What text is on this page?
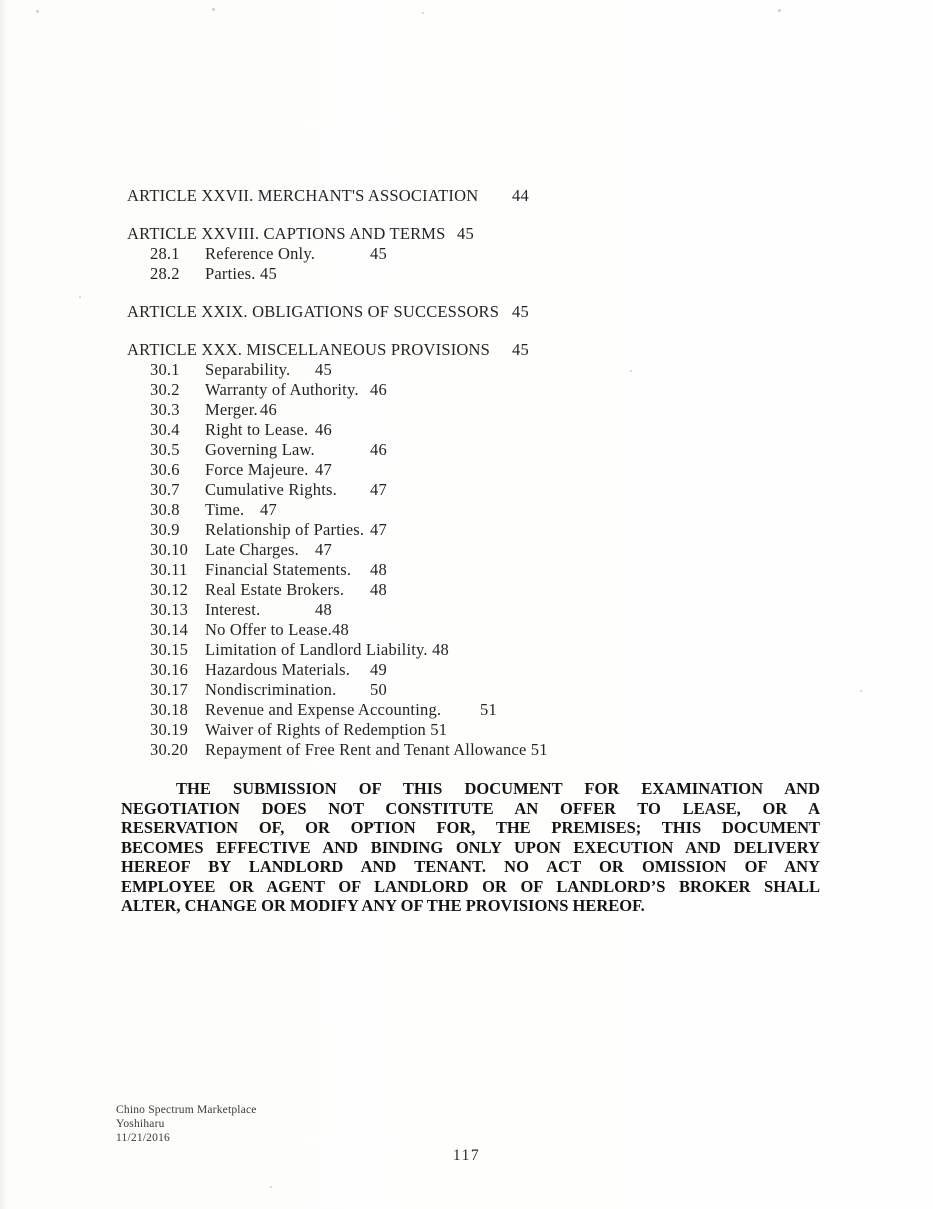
ARTICLE XXVII. MERCHANT'S ASSOCIATION	44
ARTICLE XXVIII. CAPTIONS AND TERMS	45
28.1	Reference Only.		45
28.2	Parties.	45
ARTICLE XXIX. OBLIGATIONS OF SUCCESSORS	45
ARTICLE XXX. MISCELLANEOUS PROVISIONS	45
30.1	Separability.	45
30.2	Warranty of Authority.	46
30.3	Merger.	46
30.4	Right to Lease.	46
30.5	Governing Law.		46
30.6	Force Majeure.	47
30.7	Cumulative Rights.	47
30.8	Time.	47
30.9	Relationship of Parties.	47
30.10	Late Charges.	47
30.11	Financial Statements.	48
30.12	Real Estate Brokers.	48
30.13	Interest.		48
30.14	No Offer to Lease.48
30.15	Limitation of Landlord Liability. 48
30.16	Hazardous Materials.	49
30.17	Nondiscrimination.	50
30.18	Revenue and Expense Accounting.	51
30.19	Waiver of Rights of Redemption 51
30.20	Repayment of Free Rent and Tenant Allowance 51
THE SUBMISSION OF THIS DOCUMENT FOR EXAMINATION AND
NEGOTIATION DOES NOT CONSTITUTE AN OFFER TO LEASE, OR A
RESERVATION OF, OR OPTION FOR, THE PREMISES; THIS DOCUMENT
BECOMES EFFECTIVE AND BINDING ONLY UPON EXECUTION AND DELIVERY
HEREOF BY LANDLORD AND TENANT. NO ACT OR OMISSION OF ANY
EMPLOYEE OR AGENT OF LANDLORD OR OF LANDLORD’S BROKER SHALL
ALTER, CHANGE OR MODIFY ANY OF THE PROVISIONS HEREOF.
Chino Spectrum Marketplace
Yoshiharu
11/21/2016
117
